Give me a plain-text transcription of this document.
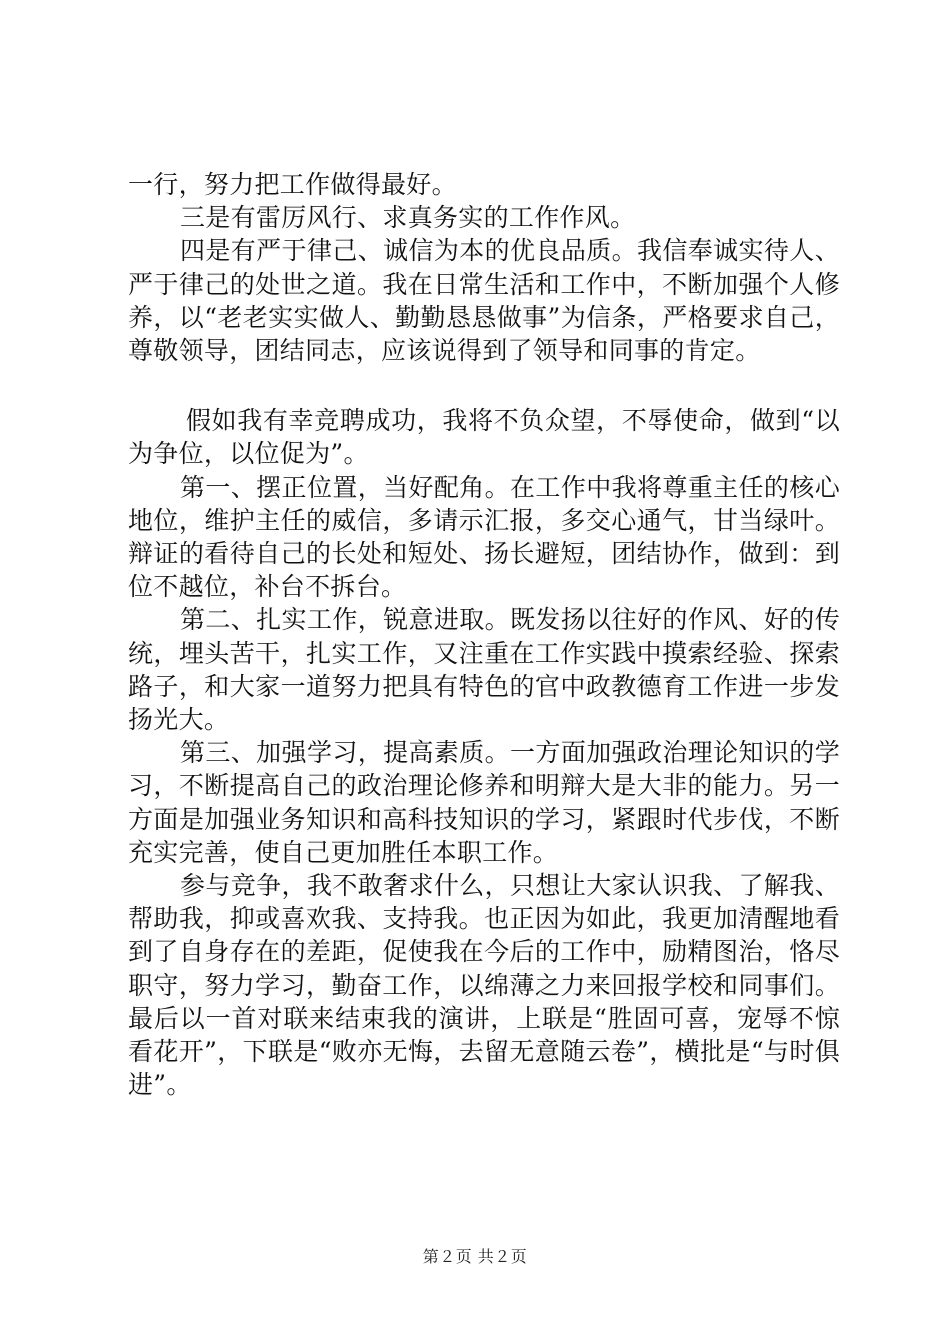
一行，努力把工作做得最好。

三是有雷厉风行、求真务实的工作作风。

四是有严于律己、诚信为本的优良品质。我信奉诚实待人、严于律己的处世之道。我在日常生活和工作中，不断加强个人修养，以“老老实实做人、勤勤恳恳做事”为信条，严格要求自己，尊敬领导，团结同志，应该说得到了领导和同事的肯定。

假如我有幸竞聘成功，我将不负众望，不辱使命，做到“以为争位，以位促为”。

第一、摆正位置，当好配角。在工作中我将尊重主任的核心地位，维护主任的威信，多请示汇报，多交心通气，甘当绿叶。辩证的看待自己的长处和短处、扬长避短，团结协作，做到：到位不越位，补台不拆台。

第二、扎实工作，锐意进取。既发扬以往好的作风、好的传统，埋头苦干，扎实工作，又注重在工作实践中摸索经验、探索路子，和大家一道努力把具有特色的官中政教德育工作进一步发扬光大。

第三、加强学习，提高素质。一方面加强政治理论知识的学习，不断提高自己的政治理论修养和明辩大是大非的能力。另一方面是加强业务知识和高科技知识的学习，紧跟时代步伐，不断充实完善，使自己更加胜任本职工作。

参与竞争，我不敢奢求什么，只想让大家认识我、了解我、帮助我，抑或喜欢我、支持我。也正因为如此，我更加清醒地看到了自身存在的差距，促使我在今后的工作中，励精图治，恪尽职守，努力学习，勤奋工作，以绵薄之力来回报学校和同事们。最后以一首对联来结束我的演讲，上联是“胜固可喜，宠辱不惊看花开”，下联是“败亦无悔，去留无意随云卷”，横批是“与时俱进”。

第２页 共２页
